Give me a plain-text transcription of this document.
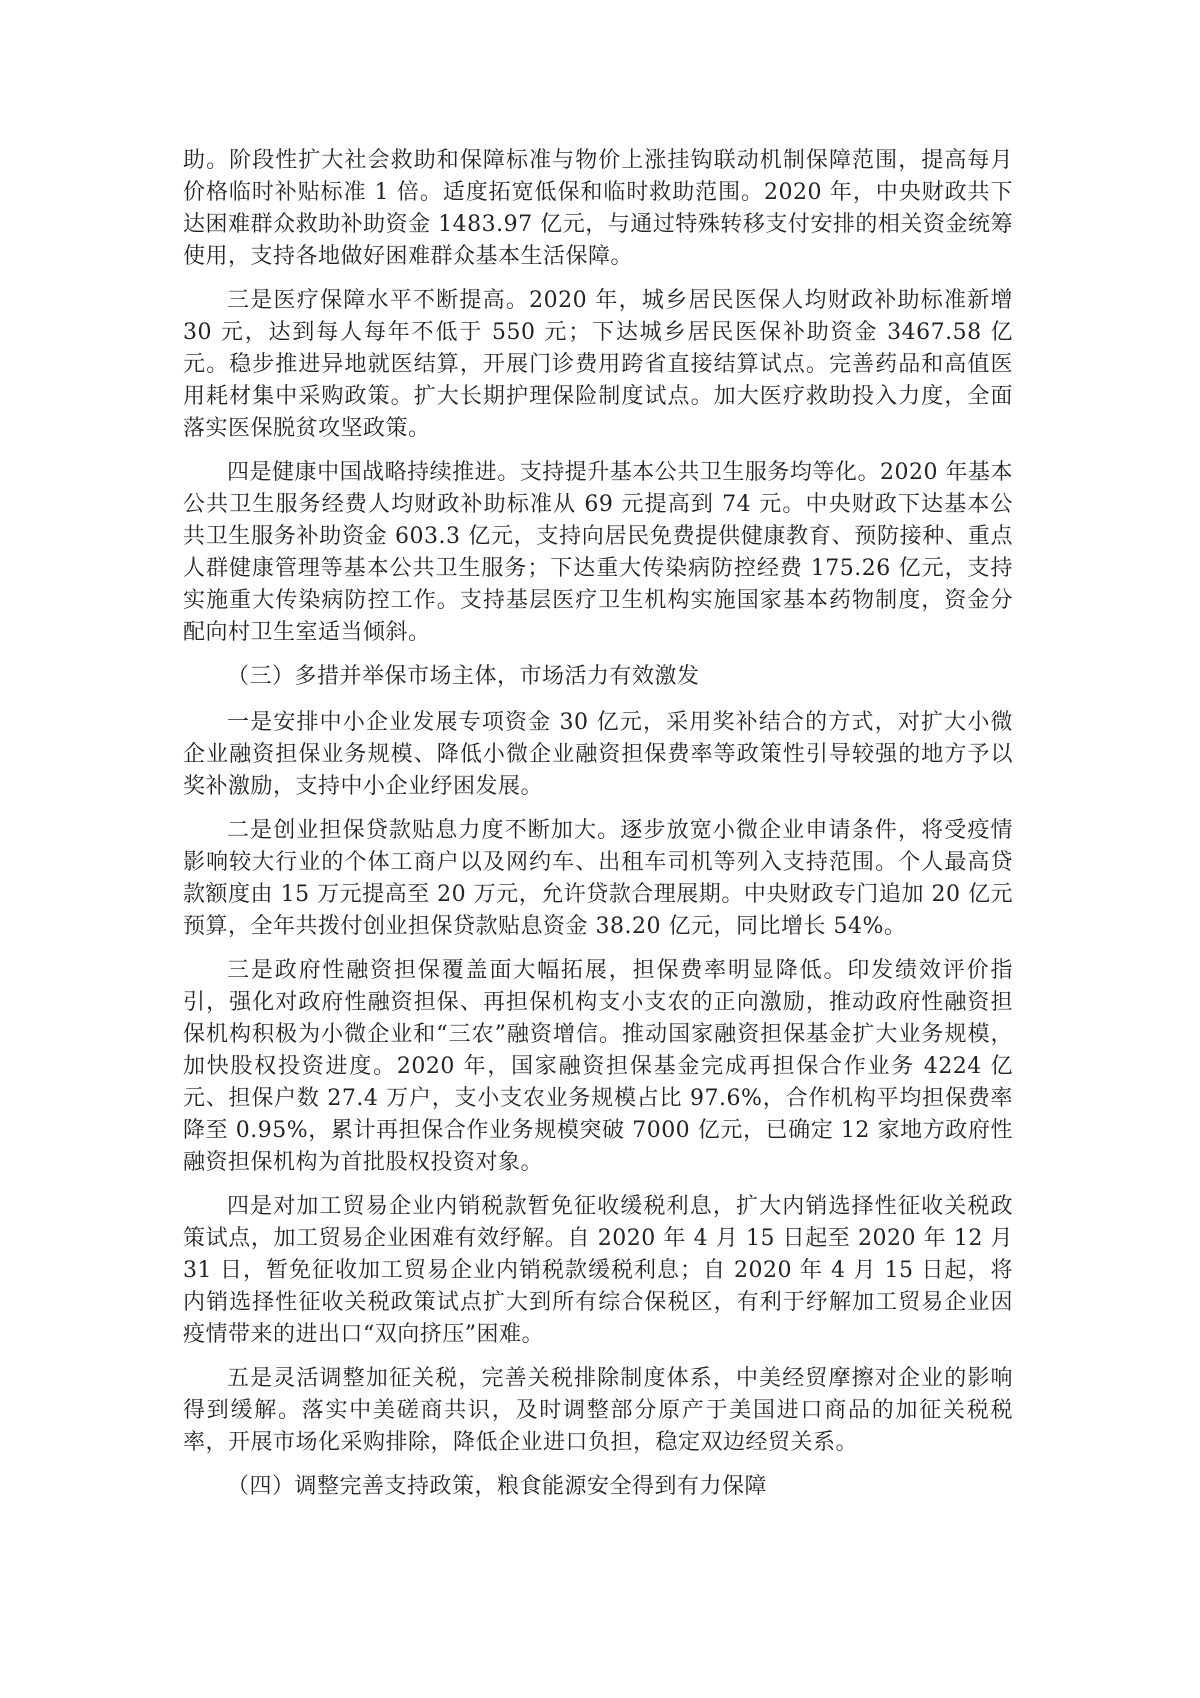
助。阶段性扩大社会救助和保障标准与物价上涨挂钩联动机制保障范围，提高每月价格临时补贴标准 1 倍。适度拓宽低保和临时救助范围。2020 年，中央财政共下达困难群众救助补助资金 1483.97 亿元，与通过特殊转移支付安排的相关资金统筹使用，支持各地做好困难群众基本生活保障。

三是医疗保障水平不断提高。2020 年，城乡居民医保人均财政补助标准新增 30 元，达到每人每年不低于 550 元；下达城乡居民医保补助资金 3467.58 亿元。稳步推进异地就医结算，开展门诊费用跨省直接结算试点。完善药品和高值医用耗材集中采购政策。扩大长期护理保险制度试点。加大医疗救助投入力度，全面落实医保脱贫攻坚政策。

四是健康中国战略持续推进。支持提升基本公共卫生服务均等化。2020 年基本公共卫生服务经费人均财政补助标准从 69 元提高到 74 元。中央财政下达基本公共卫生服务补助资金 603.3 亿元，支持向居民免费提供健康教育、预防接种、重点人群健康管理等基本公共卫生服务；下达重大传染病防控经费 175.26 亿元，支持实施重大传染病防控工作。支持基层医疗卫生机构实施国家基本药物制度，资金分配向村卫生室适当倾斜。

（三）多措并举保市场主体，市场活力有效激发

一是安排中小企业发展专项资金 30 亿元，采用奖补结合的方式，对扩大小微企业融资担保业务规模、降低小微企业融资担保费率等政策性引导较强的地方予以奖补激励，支持中小企业纾困发展。

二是创业担保贷款贴息力度不断加大。逐步放宽小微企业申请条件，将受疫情影响较大行业的个体工商户以及网约车、出租车司机等列入支持范围。个人最高贷款额度由 15 万元提高至 20 万元，允许贷款合理展期。中央财政专门追加 20 亿元预算，全年共拨付创业担保贷款贴息资金 38.20 亿元，同比增长 54%。

三是政府性融资担保覆盖面大幅拓展，担保费率明显降低。印发绩效评价指引，强化对政府性融资担保、再担保机构支小支农的正向激励，推动政府性融资担保机构积极为小微企业和“三农”融资增信。推动国家融资担保基金扩大业务规模，加快股权投资进度。2020 年，国家融资担保基金完成再担保合作业务 4224 亿元、担保户数 27.4 万户，支小支农业务规模占比 97.6%，合作机构平均担保费率降至 0.95%，累计再担保合作业务规模突破 7000 亿元，已确定 12 家地方政府性融资担保机构为首批股权投资对象。

四是对加工贸易企业内销税款暂免征收缓税利息，扩大内销选择性征收关税政策试点，加工贸易企业困难有效纾解。自 2020 年 4 月 15 日起至 2020 年 12 月 31 日，暂免征收加工贸易企业内销税款缓税利息；自 2020 年 4 月 15 日起，将内销选择性征收关税政策试点扩大到所有综合保税区，有利于纾解加工贸易企业因疫情带来的进出口“双向挤压”困难。

五是灵活调整加征关税，完善关税排除制度体系，中美经贸摩擦对企业的影响得到缓解。落实中美磋商共识，及时调整部分原产于美国进口商品的加征关税税率，开展市场化采购排除，降低企业进口负担，稳定双边经贸关系。

（四）调整完善支持政策，粮食能源安全得到有力保障
